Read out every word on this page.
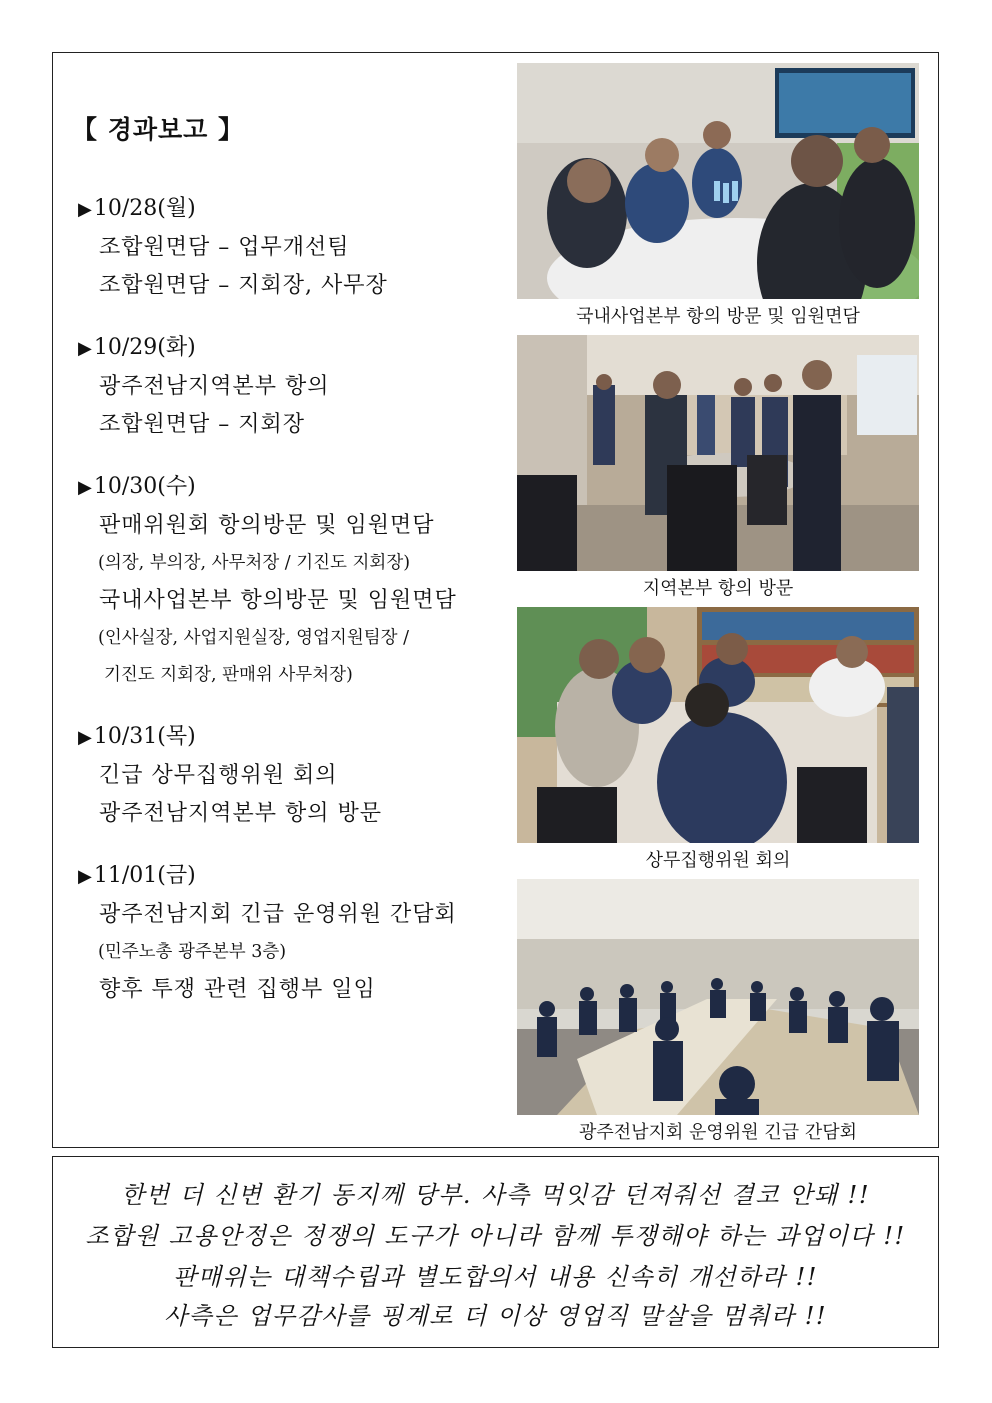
【 경과보고 】
▶10/28(월)
조합원면담 – 업무개선팀
조합원면담 – 지회장, 사무장
▶10/29(화)
광주전남지역본부 항의
조합원면담 – 지회장
▶10/30(수)
판매위원회 항의방문 및 임원면담
(의장, 부의장, 사무처장 / 기진도 지회장)
국내사업본부 항의방문 및 임원면담
(인사실장, 사업지원실장, 영업지원팀장 /
기진도 지회장, 판매위 사무처장)
▶10/31(목)
긴급 상무집행위원 회의
광주전남지역본부 항의 방문
▶11/01(금)
광주전남지회 긴급 운영위원 간담회
(민주노총 광주본부 3층)
향후 투쟁 관련 집행부 일임
국내사업본부 항의 방문 및 임원면담
지역본부 항의 방문
상무집행위원 회의
광주전남지회 운영위원 긴급 간담회
한번 더 신변 환기 동지께 당부. 사측 먹잇감 던져줘선 결코 안돼 !!
조합원 고용안정은 정쟁의 도구가 아니라 함께 투쟁해야 하는 과업이다 !!
판매위는 대책수립과 별도합의서 내용 신속히 개선하라 !!
사측은 업무감사를 핑계로 더 이상 영업직 말살을 멈춰라 !!
